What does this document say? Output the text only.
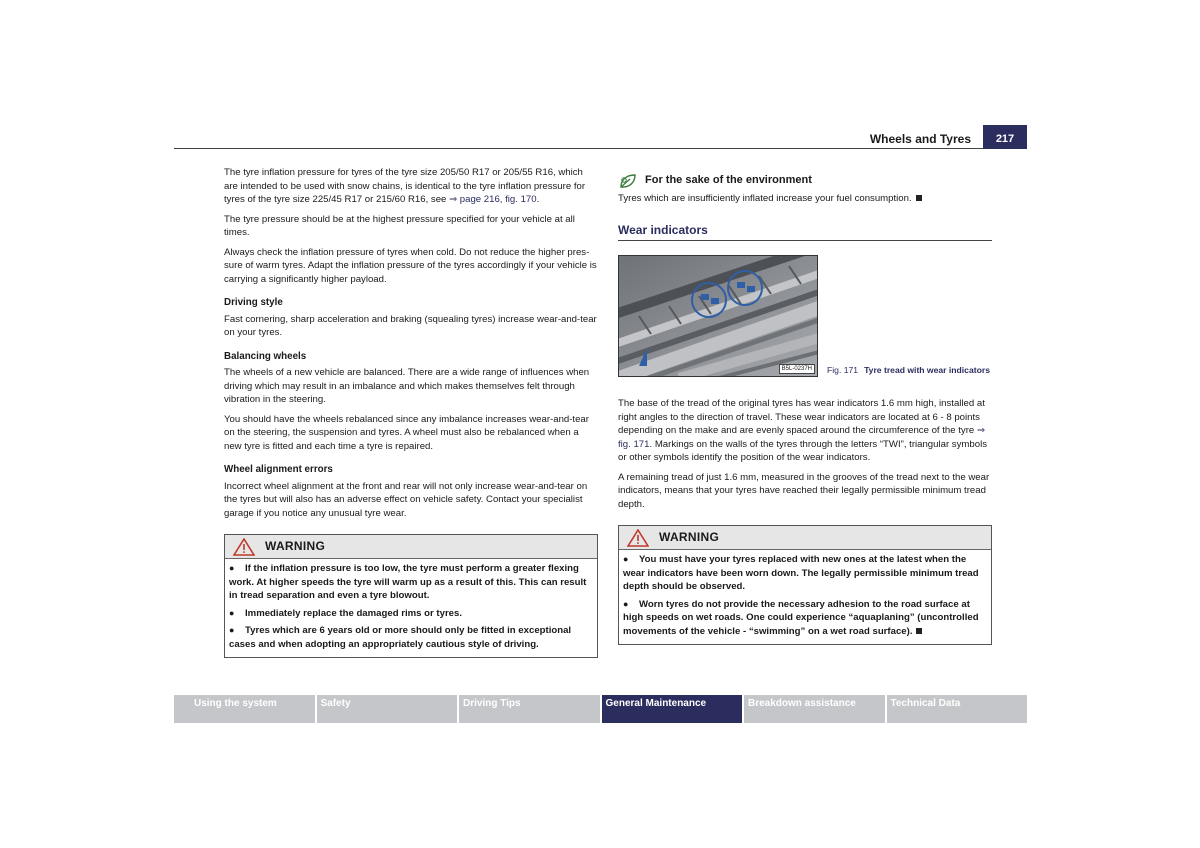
Wheels and Tyres	217

The tyre inflation pressure for tyres of the tyre size 205/50 R17 or 205/55 R16, which are intended to be used with snow chains, is identical to the tyre inflation pressure for tyres of the tyre size 225/45 R17 or 215/60 R16, see ⇒ page 216, fig. 170.

The tyre pressure should be at the highest pressure specified for your vehicle at all times.

Always check the inflation pressure of tyres when cold. Do not reduce the higher pressure of warm tyres. Adapt the inflation pressure of the tyres accordingly if your vehicle is carrying a significantly higher payload.

Driving style

Fast cornering, sharp acceleration and braking (squealing tyres) increase wear-and-tear on your tyres.

Balancing wheels

The wheels of a new vehicle are balanced. There are a wide range of influences when driving which may result in an imbalance and which makes themselves felt through vibration in the steering.

You should have the wheels rebalanced since any imbalance increases wear-and-tear on the steering, the suspension and tyres. A wheel must also be rebalanced when a new tyre is fitted and each time a tyre is repaired.

Wheel alignment errors

Incorrect wheel alignment at the front and rear will not only increase wear-and-tear on the tyres but will also has an adverse effect on vehicle safety. Contact your specialist garage if you notice any unusual tyre wear.

WARNING
● If the inflation pressure is too low, the tyre must perform a greater flexing work. At higher speeds the tyre will warm up as a result of this. This can result in tread separation and even a tyre blowout.
● Immediately replace the damaged rims or tyres.
● Tyres which are 6 years old or more should only be fitted in exceptional cases and when adopting an appropriately cautious style of driving.
For the sake of the environment

Tyres which are insufficiently inflated increase your fuel consumption.

Wear indicators
B5L-0237H	Fig. 171 Tyre tread with wear indicators

The base of the tread of the original tyres has wear indicators 1.6 mm high, installed at right angles to the direction of travel. These wear indicators are located at 6 - 8 points depending on the make and are evenly spaced around the circumference of the tyre ⇒ fig. 171. Markings on the walls of the tyres through the letters “TWI”, triangular symbols or other symbols identify the position of the wear indicators.

A remaining tread of just 1.6 mm, measured in the grooves of the tread next to the wear indicators, means that your tyres have reached their legally permissible minimum tread depth.

WARNING
● You must have your tyres replaced with new ones at the latest when the wear indicators have been worn down. The legally permissible minimum tread depth should be observed.
● Worn tyres do not provide the necessary adhesion to the road surface at high speeds on wet roads. One could experience “aquaplaning” (uncontrolled movements of the vehicle - “swimming” on a wet road surface).
Using the system	Safety	Driving Tips	General Maintenance	Breakdown assistance	Technical Data
